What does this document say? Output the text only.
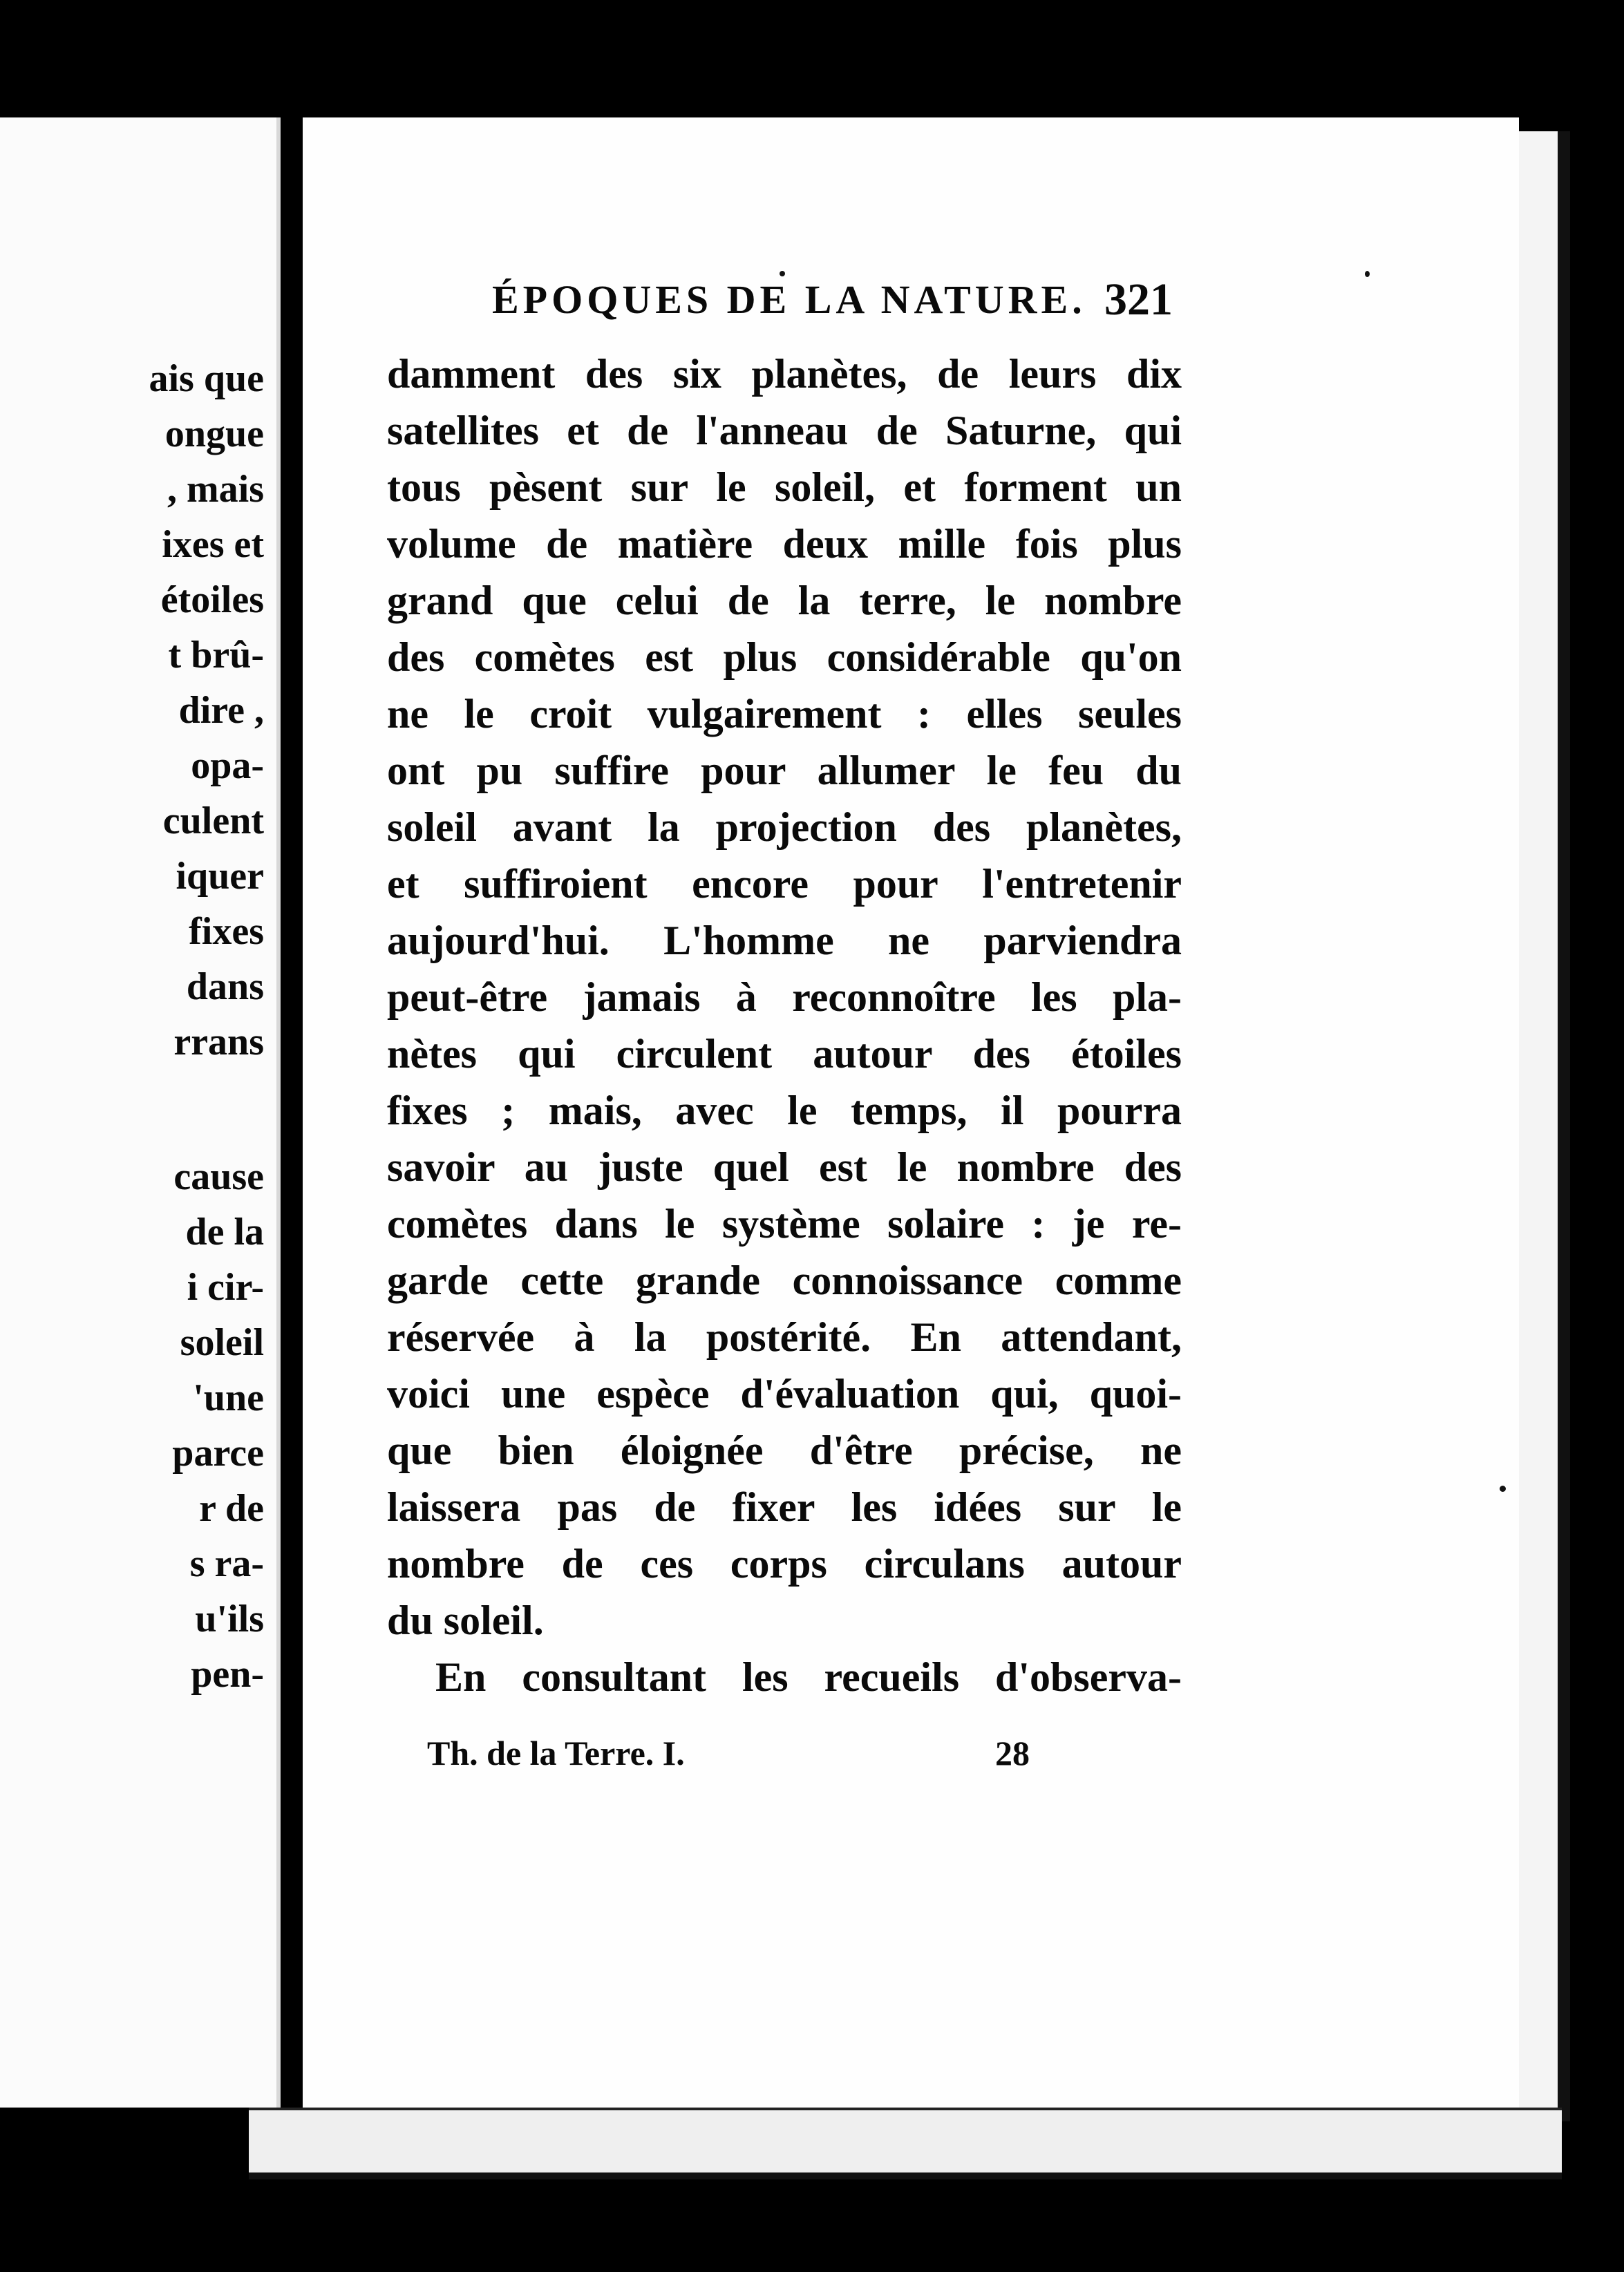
ais que
ongue
, mais
ixes et
étoiles
t brû-
dire ,
opa-
culent
iquer
fixes
dans
rrans
cause
de la
i cir-
soleil
'une
parce
r de
s ra-
u'ils
pen-
ÉPOQUES DE LA NATURE. 321
damment des six planètes, de leurs dix
satellites et de l'anneau de Saturne, qui
tous pèsent sur le soleil, et forment un
volume de matière deux mille fois plus
grand que celui de la terre, le nombre
des comètes est plus considérable qu'on
ne le croit vulgairement : elles seules
ont pu suffire pour allumer le feu du
soleil avant la projection des planètes,
et suffiroient encore pour l'entretenir
aujourd'hui. L'homme ne parviendra
peut-être jamais à reconnoître les pla-
nètes qui circulent autour des étoiles
fixes ; mais, avec le temps, il pourra
savoir au juste quel est le nombre des
comètes dans le système solaire : je re-
garde cette grande connoissance comme
réservée à la postérité. En attendant,
voici une espèce d'évaluation qui, quoi-
que bien éloignée d'être précise, ne
laissera pas de fixer les idées sur le
nombre de ces corps circulans autour
du soleil.
En consultant les recueils d'observa-
Th. de la Terre. I.	28
